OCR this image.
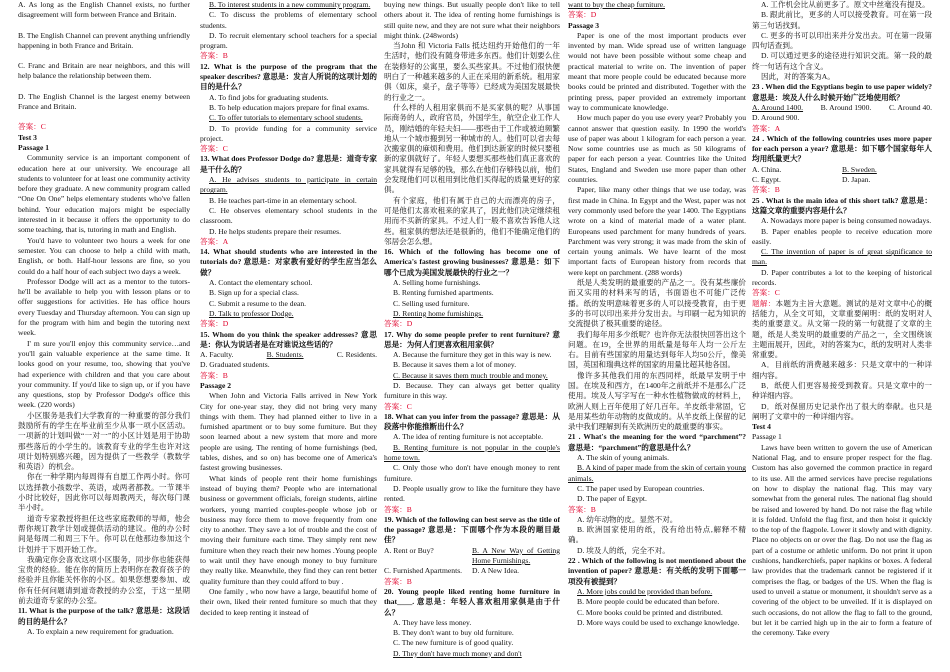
A. As long as the English Channel exists, no further disagreement will form between France and Britain.

B. The English Channel can prevent anything unfriendly happening in both France and Britain.

C. Franc and Britain are near neighbors, and this will help balance the relationship between them.

D. The English Channel is the largest enemy between France and Britain.

答案：C

Test 3

Passage 1

Community service is an important component of education here at our university. We encourage all students to volunteer for at least one community activity before they graduate. A new community program called “One On One” helps elementary students who've fallen behind. Your education majors might be especially interested in it because it offers the opportunity to do some teaching, that is, tutoring in math and English.

You'd have to volunteer two hours a week for one semester. You can choose to help a child with math, English, or both. Half-hour lessons are fine, so you could do a half hour of each subject two days a week.

Professor Dodge will act as a mentor to the tutors-he'll be available to help you with lesson plans or to offer suggestions for activities. He has office hours every Tuesday and Thursday afternoon. You can sign up for the program with him and begin the tutoring next week.

I' m sure you'll enjoy this community service…and you'll gain valuable experience at the same time. It looks good on your resume, too, showing that you've had experience with children and that you care about your community. If you'd like to sign up, or if you have any questions, stop by Professor Dodge's office this week. (220 words)

小区服务是我们大学教育的一种重要的部分我们鼓励所有的学生在毕业前至少从事一项小区活动。一项新的计划叫做“一对一”的小区计划是用于协助那些落后的小学生的。该教育专业的学生也许对这项计划特别感兴趣，因为提供了一些教学（教数学和英语）的机会。

你在一种学期内每周得有自愿工作两小时。你可以选择教小孩数学、英语，或两者都教。一节课半小时比较好，因此你可以每周教两天，每次每门课半小时。

道奇专家教授将担任这些家庭教师的导师，他会帮你规订教学计划或提供活动的建议。他的办公时间是每周二和周三下午。你可以在他那边参加这个计划并于下周开始工作。

我确定你会喜欢这项小区服务，同步你也能获得宝贵的经验。能在你的简历上表明你在教育孩子的经验并且你能关怀你的小区。如果您想要参加、或你有任何问题请到道奇教授的办公室，于这一星期前去道奇专家的办公室。

11. What is the purpose of the talk? 意思是：这段话的目的是什么？

A. To explain a new requirement for graduation.

B. To interest students in a new community program.

C. To discuss the problems of elementary school students.

D. To recruit elementary school teachers for a special program.

答案：B

12. What is the purpose of the program that the speaker describes? 意思是：发言人所说的这项计划的目的是什么？

A. To find jobs for graduating students.

B. To help education majors prepare for final exams.

C. To offer tutorials to elementary school students.

D. To provide funding for a community service project.

答案：C

13. What does Professor Dodge do? 意思是：道奇专家是干什么的？

A. He advises students to participate in certain program.

B. He teaches part-time in an elementary school.

C. He observes elementary school students in the classroom.

D. He helps students prepare their resumes.

答案：A

14. What should students who are interested in the tutorials do? 意思是：对家教有爱好的学生应当怎么做？

A. Contact the elementary school.

B. Sign up for a special class.

C. Submit a resume to the dean.

D. Talk to professor Dodge.

答案：D

15. Whom do you think the speaker addresses? 意思是：你认为说话者是在对谁说这些话的？

A. Faculty.	B. Students.	C. Residents.

D. Graduated students.

答案：B

Passage 2

When John and Victoria Falls arrived in New York City for one-year stay, they did not bring very many things with them. They had planned either to live in a furnished apartment or to buy some furniture. But they soon learned about a new system that more and more people are using. The renting of home furnishings (bed, tables, dishes, and so on) has become one of America's fastest growing businesses.

What kinds of people rent their home furnishings instead of buying them? People who are international business or government officials, foreign students, airline workers, young married couples-people whose job or business may force them to move frequently from one city to another. They save a lot of trouble and the cost of moving their furniture each time. They simply rent new furniture when they reach their new homes .Young people to wait until they have enough money to buy furniture they really like. Meanwhile, they find they can rent better quality furniture than they could afford to buy .

One family , who now have a large, beautiful home of their own, liked their rented furniture so much that they decided to keep renting it instead of

buying new things. But usually people don't like to tell others about it. The idea of renting home furnishings is still quite new, and they are not sure what their neighbors might think. (248words)

当John 和 Victoria Falls 抵达纽约开始他们的一年生活时，他们没有随身带进多东西。他们计划要么住在装修好的公寓里，要么买些家具。不过他们很快便明白了一种越来越多的人正在采用的新系统。租用家俱（如床，桌子，盘子等等）已经成为美国发展最快的行业之一。

什么样的人租用家俱而不是买家俱的呢？从事国际商务的人，政府官员，外国学生，航空企业工作人员，刚结婚的年轻夫妇——那些由于工作或被迫频繁地从一个城市搬到另一种城市的人。他们可以省去每次搬家俱的麻烦和费用。他们到达新家的时候只要租新的家俱就好了。年轻人要想买那些他们真正喜欢的家具就得有足够的钱，那么在他们存够钱以前，他们会发现他们可以租用到比他们买得起的质量更好的家俱。

有个家庭，他们有属于自己的大而漂亮的房子，可是他们太喜欢租来的家具了，因此他们决定继续租用而不买新的家具。不过人们一般不喜欢告诉他人这些。租家俱的想法还是很新的，他们不能确定他们的邻居会怎么想。

16. Which of the following has become one of America's fastest growing businesses? 意思是：如下哪个已成为美国发展最快的行业之一？

A. Selling home furnishings.

B. Renting furnished apartments.

C. Selling used furniture.

D. Renting home furnishings.

答案：D

17. Why do some people prefer to rent furniture? 意思是：为何人们更喜欢租用家俱？

A. Because the furniture they get in this way is new.

B. Because it saves them a lot of money.

C. Because it saves them much trouble and money.

D. Because. They can always get better quality furniture in this way.

答案：C

18. What can you infer from the passage? 意思是：从段落中你能推断出什么？

A. The idea of renting furniture is not acceptable.

B. Renting furniture is not popular in the couple's home town.

C. Only those who don't have enough money to rent furniture.

D. People usually grow to like the furniture they have rented.

答案：B

19. Which of the following can best serve as the title of the passage? 意思是：下面哪个作为本段的题目最佳？

A. Rent or Buy?	B. A New Way of Getting Home Furnishings.
C. Furnished Apartments.	D. A New Idea.

答案：B

20. Young people liked renting home furniture in that____. 意思是：年轻人喜欢租用家俱是由于什么？

A. They have less money.

B. They don't want to buy old furniture.

C. The new furniture is of good quality.

D. They don't have much money and don't

want to buy the cheap furniture.

答案：D

Passage 3

Paper is one of the most important products ever invented by man. Wide spread use of written language would not have been possible without some cheap and practical material to write on. The invention of paper meant that more people could be educated because more books could be printed and distributed. Together with the printing press, paper provided an extremely important way to communicate knowledge.

How much paper do you use every year? Probably you cannot answer that question easily. In 1990 the world's use of paper was about 1 kilogram for each person a year. Now some countries use as much as 50 kilograms of paper for each person a year. Countries like the United States, England and Sweden use more paper than other countries.

Paper, like many other things that we use today, was first made in China. In Egypt and the West, paper was not very commonly used before the year 1400. The Egyptians wrote on a kind of material made of a water plant. Europeans used parchment for many hundreds of years. Parchment was very strong; it was made from the skin of certain young animals. We have learnt of the most important facts of European history from records that were kept on parchment. (288 words)

纸是人类发明的最重要的产品之一。没有某些廉价而又实用的材料来写的话，书面语也不可能广泛传播。纸的发明意味着更多的人可以接受教育，由于更多的书可以印出来并分发出去。与印刷一起为知识的交流提供了极其重要的途径。

我们每年用多少纸呢？也许你无法很快回答出这个问题。在19，全世界的用纸量是每年人均一公斤左右。目前有些国家的用量达到每年人均50公斤，像美国，英国和瑞典这样的国家的用量比超其他各国。

像许多其他我们用的东西同样，纸最早发明于中国。在埃及和西方，在1400年之前纸并不是那么广泛使用。埃及人写字写在一种水性植物做成的材料上，欧洲人则上百年使用了好几百年。羊皮纸非常固，它是用某些幼年动物的皮做成的。从羊皮纸上保留的记录中我们理解到有关欧洲历史的最重要的事实。

21 . What's the meaning for the word “parchment”? 意思是：“parchment”的意思是什么？

A. The skin of young animals.

B. A kind of paper made from the skin of certain young animals.

C. The paper used by European countries.

D. The paper of Egypt.

答案：B

A. 幼年动物的皮。显然不对。

B. 欧洲国家使用的纸，没有给出特点,解释不精确。

D. 埃及人的纸，完全不对。

22 . Which of the following is not mentioned about the invention of paper? 意思是：有关纸的发明下面哪一项没有被提到？

A. More jobs could be provided than before.

B. More people could be educated than before.

C. More books could be printed and distributed.

D. More ways could be used to exchange knowledge.

A. 工作机会比从前更多了。原文中丝毫没有提及。

B. 跟此前比，更多的人可以接受教育。可在第一段第三句话找到。

C. 更多的书可以印出来并分发出去。可在第一段第四句话查到。

D. 可以通过更多的途径进行知识交流。第一段的最终一句话有这个含义。

因此，对的答案为A。

23 . When did the Egyptians begin to use paper widely? 意思是：埃及人什么时候开始广泛地使用纸？

A. Around 1400. B. Around 1900. C. Around 40.

D. Around 900.

答案：A

24 . Which of the following countries uses more paper for each person a year? 意思是：如下哪个国家每年人均用纸量更大？

A. China.	B. Sweden.
C. Egypt.	D. Japan.

答案：B

25 . What is the main idea of this short talk? 意思是：这篇文章的重要内容是什么？

A. Nowadays more paper is being consumed nowadays.

B. Paper enables people to receive education more easily.

C. The invention of paper is of great significance to man.

D. Paper contributes a lot to the keeping of historical records.

答案：C

题解：本题为主旨大意题。测试的是对文章中心的概括能力，从全文可知，文章重要阐明：纸的发明对人类的重要意义。从文第一段的第一句就提了文章的主题，纸是人类发明的最重要的产品之一，全文围绕该主题而展开，因此，对的答案为C，纸的发明对人类非常重要。

A．目前纸的消费越来越多：只是文章中的一种详细内容。

B．纸使人们更容易接受到教育。只是文章中的一种详细内容。

D．纸对保留历史记录作出了很大的奉献。也只是阐明了文章中的一种详细内容。

Test 4

Passage 1

Laws have been written to govern the use of American National Flag, and to ensure proper respect for the flag. Custom has also governed the common practice in regard to its use. All the armed services have precise regulations on how to display the national flag. This may vary somewhat from the general rules. The national flag should be raised and lowered by hand. Do not raise the flag while it is folded. Unfold the flag first, and then hoist it quickly to the top of the flagpole. Lower it slowly and with dignity. Place no objects on or over the flag. Do not use the flag as part of a costume or athletic uniform. Do not print it upon cushions, handkerchiefs, paper napkins or boxes. A federal law provides that the trademark cannot be registered if it comprises the flag, or badges of the US. When the flag is used to unveil a statue or monument, it shouldn't serve as a covering of the object to be unveiled. If it is displayed on such occasions, do not allow the flag to fall to the ground, but let it be carried high up in the air to form a feature of the ceremony. Take every
